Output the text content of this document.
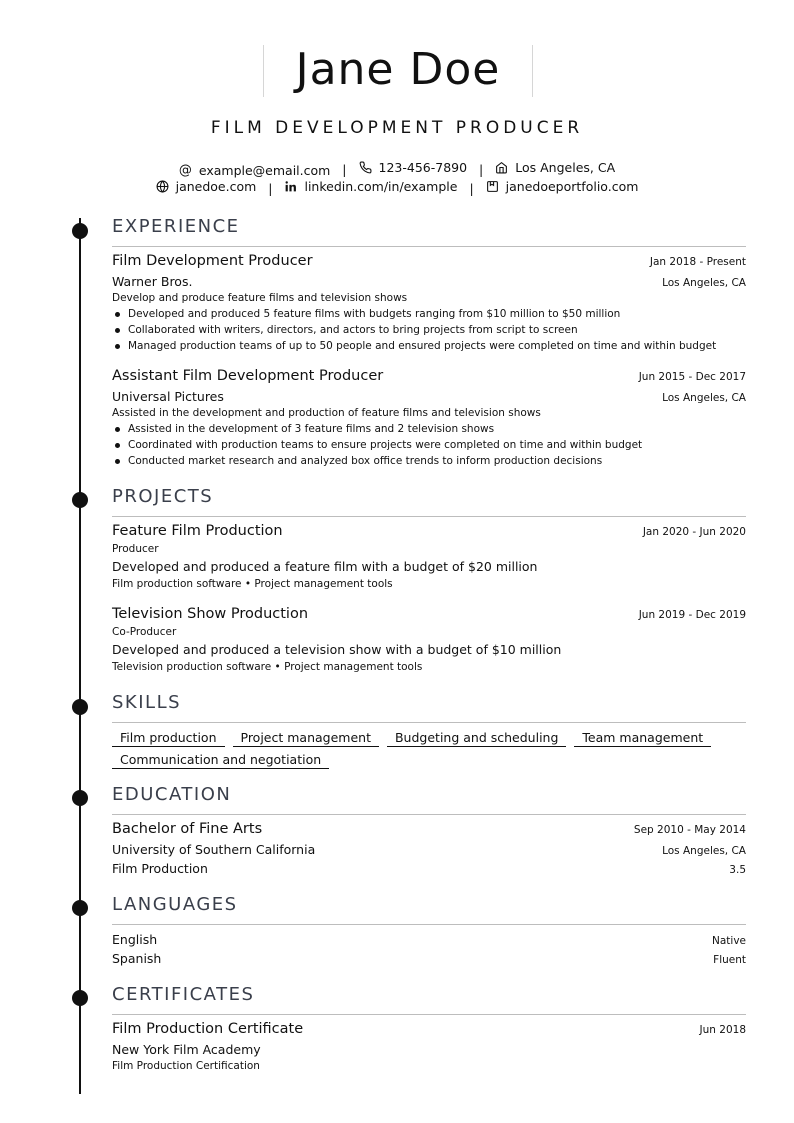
Jane Doe
FILM DEVELOPMENT PRODUCER
@ example@email.com |	123-456-7890 |	Los Angeles, CA
janedoe.com |	linkedin.com/in/example |	janedoeportfolio.com
EXPERIENCE
Film Development Producer	Jan 2018 - Present
Warner Bros.	Los Angeles, CA
Develop and produce feature films and television shows
Developed and produced 5 feature films with budgets ranging from $10 million to $50 million
Collaborated with writers, directors, and actors to bring projects from script to screen
Managed production teams of up to 50 people and ensured projects were completed on time and within budget
Assistant Film Development Producer	Jun 2015 - Dec 2017
Universal Pictures	Los Angeles, CA
Assisted in the development and production of feature films and television shows
Assisted in the development of 3 feature films and 2 television shows
Coordinated with production teams to ensure projects were completed on time and within budget
Conducted market research and analyzed box office trends to inform production decisions
PROJECTS
Feature Film Production	Jan 2020 - Jun 2020
Producer
Developed and produced a feature film with a budget of $20 million
Film production software • Project management tools
Television Show Production	Jun 2019 - Dec 2019
Co-Producer
Developed and produced a television show with a budget of $10 million
Television production software • Project management tools
SKILLS
Film production	Project management	Budgeting and scheduling	Team management
Communication and negotiation
EDUCATION
Bachelor of Fine Arts	Sep 2010 - May 2014
University of Southern California	Los Angeles, CA
Film Production	3.5
LANGUAGES
English	Native
Spanish	Fluent
CERTIFICATES
Film Production Certificate	Jun 2018
New York Film Academy
Film Production Certification
